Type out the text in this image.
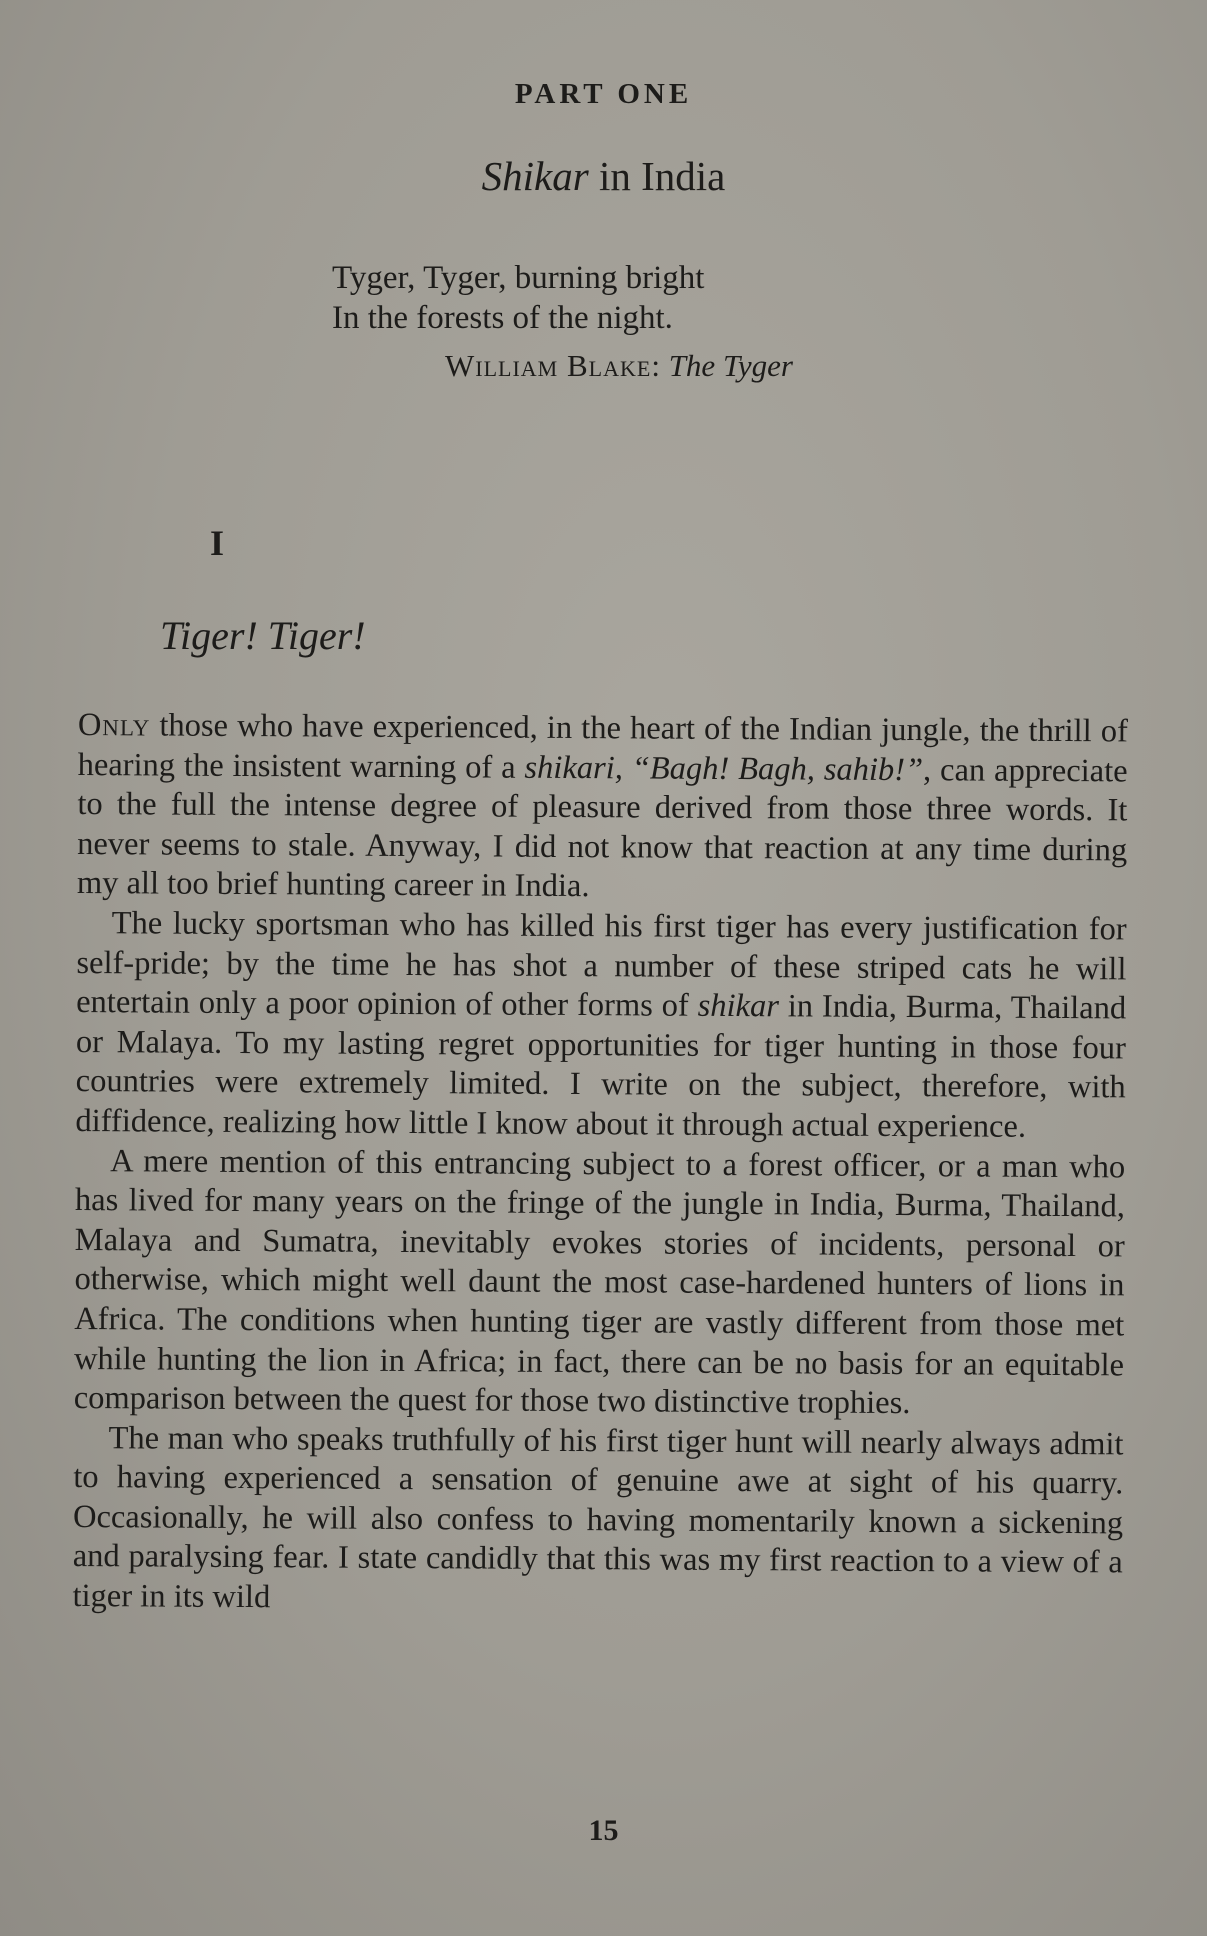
PART ONE
Shikar in India
Tyger, Tyger, burning bright
In the forests of the night.
William Blake: The Tyger
I
Tiger! Tiger!

Only those who have experienced, in the heart of the Indian jungle, the thrill of hearing the insistent warning of a shikari, “Bagh! Bagh, sahib!”, can appreciate to the full the intense degree of pleasure derived from those three words. It never seems to stale. Anyway, I did not know that reaction at any time during my all too brief hunting career in India.

The lucky sportsman who has killed his first tiger has every justification for self-pride; by the time he has shot a number of these striped cats he will entertain only a poor opinion of other forms of shikar in India, Burma, Thailand or Malaya. To my lasting regret opportunities for tiger hunting in those four countries were extremely limited. I write on the subject, therefore, with diffidence, realizing how little I know about it through actual experience.

A mere mention of this entrancing subject to a forest officer, or a man who has lived for many years on the fringe of the jungle in India, Burma, Thailand, Malaya and Sumatra, inevitably evokes stories of incidents, personal or otherwise, which might well daunt the most case-hardened hunters of lions in Africa. The conditions when hunting tiger are vastly different from those met while hunting the lion in Africa; in fact, there can be no basis for an equitable comparison between the quest for those two distinctive trophies.

The man who speaks truthfully of his first tiger hunt will nearly always admit to having experienced a sensation of genuine awe at sight of his quarry. Occasionally, he will also confess to having momentarily known a sickening and paralysing fear. I state candidly that this was my first reaction to a view of a tiger in its wild

15
